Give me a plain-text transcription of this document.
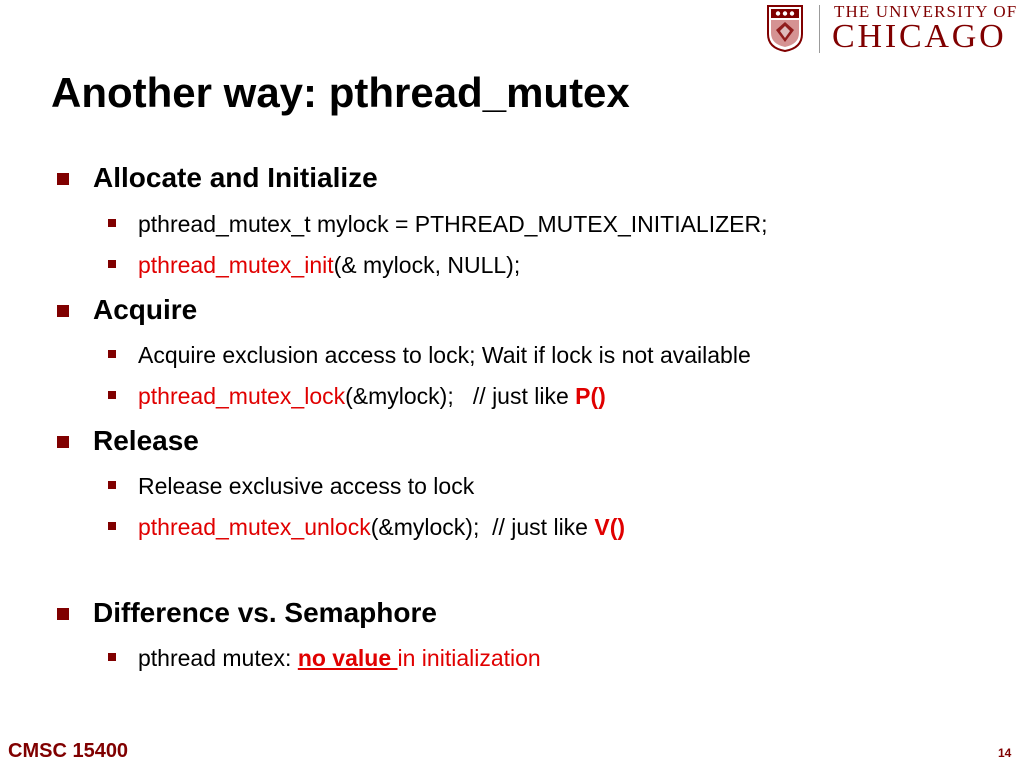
THE UNIVERSITY OF
CHICAGO
Another way: pthread_mutex
Allocate and Initialize
pthread_mutex_t mylock = PTHREAD_MUTEX_INITIALIZER;
pthread_mutex_init(& mylock, NULL);
Acquire
Acquire exclusion access to lock; Wait if lock is not available
pthread_mutex_lock(&mylock);   // just like P()
Release
Release exclusive access to lock
pthread_mutex_unlock(&mylock);  // just like V()
Difference vs. Semaphore
pthread mutex: no value in initialization
CMSC 15400	14
